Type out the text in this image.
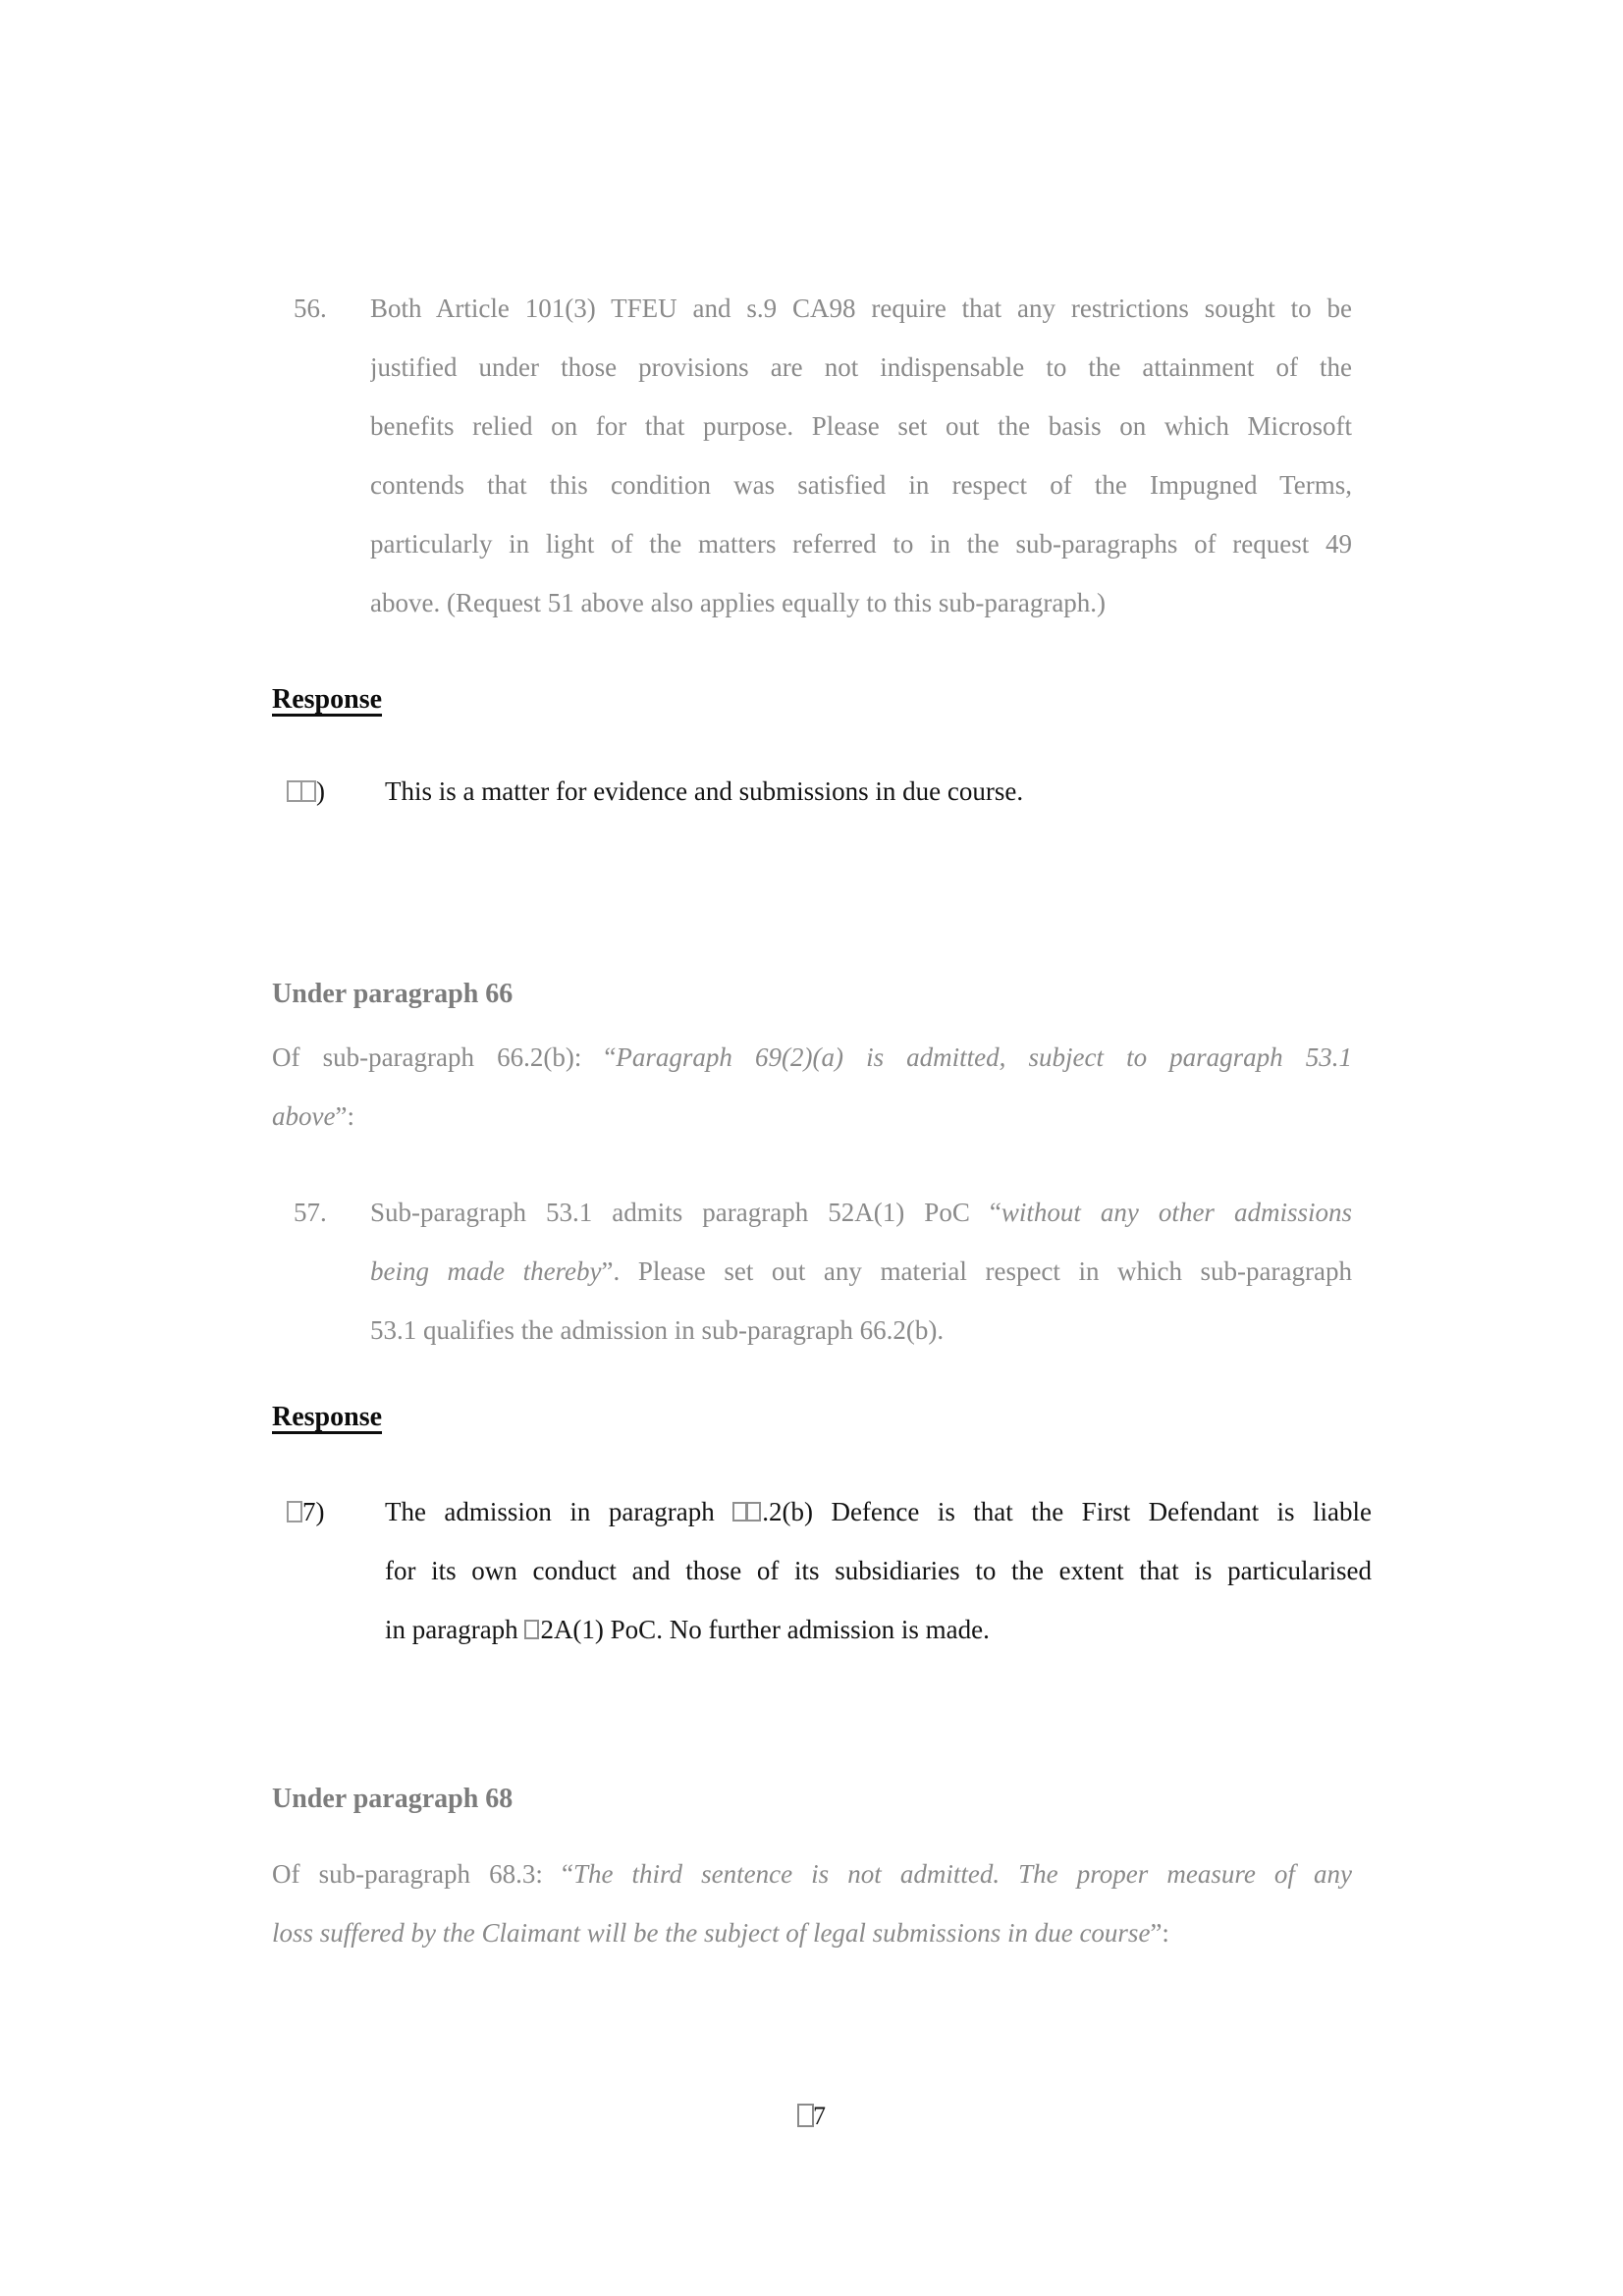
56. Both Article 101(3) TFEU and s.9 CA98 require that any restrictions sought to be
justified under those provisions are not indispensable to the attainment of the
benefits relied on for that purpose. Please set out the basis on which Microsoft
contends that this condition was satisfied in respect of the Impugned Terms,
particularly in light of the matters referred to in the sub-paragraphs of request 49
above. (Request 51 above also applies equally to this sub-paragraph.)
Response
) This is a matter for evidence and submissions in due course.
Under paragraph 66
Of sub-paragraph 66.2(b): “Paragraph 69(2)(a) is admitted, subject to paragraph 53.1
above”:
57. Sub-paragraph 53.1 admits paragraph 52A(1) PoC “without any other admissions
being made thereby”. Please set out any material respect in which sub-paragraph
53.1 qualifies the admission in sub-paragraph 66.2(b).
Response
7) The admission in paragraph .2(b) Defence is that the First Defendant is liable
for its own conduct and those of its subsidiaries to the extent that is particularised
in paragraph 2A(1) PoC. No further admission is made.
Under paragraph 68
Of sub-paragraph 68.3: “The third sentence is not admitted. The proper measure of any
loss suffered by the Claimant will be the subject of legal submissions in due course”:
7
